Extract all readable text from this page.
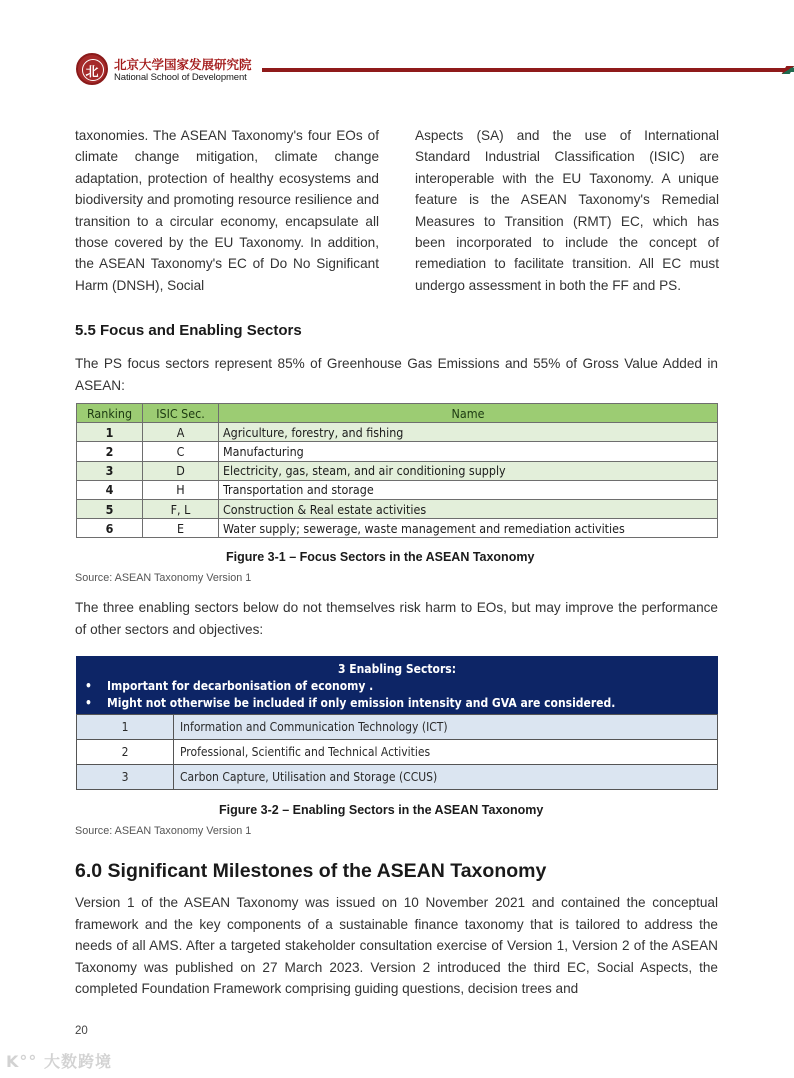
北
北京大学国家发展研究院
National School of Development

taxonomies. The ASEAN Taxonomy's four EOs of climate change mitigation, climate change adaptation, protection of healthy ecosystems and biodiversity and promoting resource resilience and transition to a circular economy, encapsulate all those covered by the EU Taxonomy. In addition, the ASEAN Taxonomy's EC of Do No Significant Harm (DNSH), Social

Aspects (SA) and the use of International Standard Industrial Classification (ISIC) are interoperable with the EU Taxonomy. A unique feature is the ASEAN Taxonomy's Remedial Measures to Transition (RMT) EC, which has been incorporated to include the concept of remediation to facilitate transition. All EC must undergo assessment in both the FF and PS.

5.5 Focus and Enabling Sectors

The PS focus sectors represent 85% of Greenhouse Gas Emissions and 55% of Gross Value Added in ASEAN:

Ranking	ISIC Sec.	Name
1	A	Agriculture, forestry, and fishing
2	C	Manufacturing
3	D	Electricity, gas, steam, and air conditioning supply
4	H	Transportation and storage
5	F, L	Construction & Real estate activities
6	E	Water supply; sewerage, waste management and remediation activities
Figure 3-1 – Focus Sectors in the ASEAN Taxonomy
Source: ASEAN Taxonomy Version 1

The three enabling sectors below do not themselves risk harm to EOs, but may improve the performance of other sectors and objectives:

3 Enabling Sectors:
• Important for decarbonisation of economy .
• Might not otherwise be included if only emission intensity and GVA are considered.
1	Information and Communication Technology (ICT)
2	Professional, Scientific and Technical Activities
3	Carbon Capture, Utilisation and Storage (CCUS)
Figure 3-2 – Enabling Sectors in the ASEAN Taxonomy
Source: ASEAN Taxonomy Version 1
6.0 Significant Milestones of the ASEAN Taxonomy

Version 1 of the ASEAN Taxonomy was issued on 10 November 2021 and contained the conceptual framework and the key components of a sustainable finance taxonomy that is tailored to address the needs of all AMS. After a targeted stakeholder consultation exercise of Version 1, Version 2 of the ASEAN Taxonomy was published on 27 March 2023. Version 2 introduced the third EC, Social Aspects, the completed Foundation Framework comprising guiding questions, decision trees and

20
K°° 大数跨境
